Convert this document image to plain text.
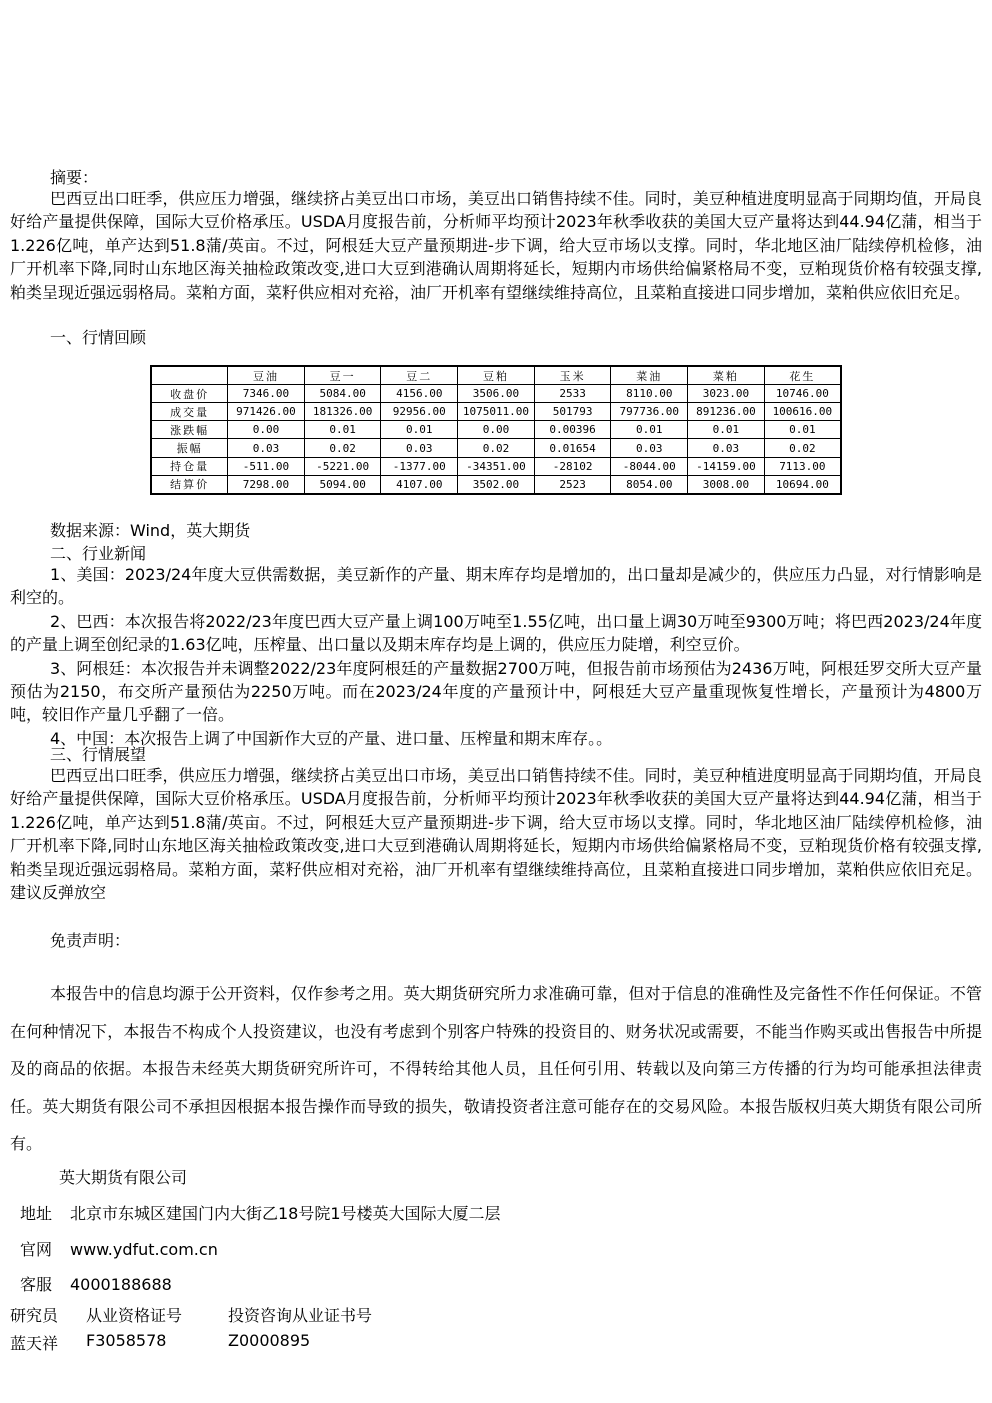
摘要：

巴西豆出口旺季，供应压力增强，继续挤占美豆出口市场，美豆出口销售持续不佳。同时，美豆种植进度明显高于同期均值，开局良好给产量提供保障，国际大豆价格承压。USDA月度报告前，分析师平均预计2023年秋季收获的美国大豆产量将达到44.94亿蒲，相当于1.226亿吨，单产达到51.8蒲/英亩。不过，阿根廷大豆产量预期进-步下调，给大豆市场以支撑。同时，华北地区油厂陆续停机检修，油厂开机率下降,同时山东地区海关抽检政策改变,进口大豆到港确认周期将延长，短期内市场供给偏紧格局不变，豆粕现货价格有较强支撑,粕类呈现近强远弱格局。菜粕方面，菜籽供应相对充裕，油厂开机率有望继续维持高位，且菜粕直接进口同步增加，菜粕供应依旧充足。

一、行情回顾
	豆油	豆一	豆二	豆粕	玉米	菜油	菜粕	花生
收盘价	7346.00	5084.00	4156.00	3506.00	2533	8110.00	3023.00	10746.00
成交量	971426.00	181326.00	92956.00	1075011.00	501793	797736.00	891236.00	100616.00
涨跌幅	0.00	0.01	0.01	0.00	0.00396	0.01	0.01	0.01
振幅	0.03	0.02	0.03	0.02	0.01654	0.03	0.03	0.02
持仓量	-511.00	-5221.00	-1377.00	-34351.00	-28102	-8044.00	-14159.00	7113.00
结算价	7298.00	5094.00	4107.00	3502.00	2523	8054.00	3008.00	10694.00
数据来源：Wind，英大期货
二、行业新闻

1、美国：2023/24年度大豆供需数据，美豆新作的产量、期末库存均是增加的，出口量却是减少的，供应压力凸显，对行情影响是利空的。

2、巴西：本次报告将2022/23年度巴西大豆产量上调100万吨至1.55亿吨，出口量上调30万吨至9300万吨；将巴西2023/24年度的产量上调至创纪录的1.63亿吨，压榨量、出口量以及期末库存均是上调的，供应压力陡增，利空豆价。

3、阿根廷：本次报告并未调整2022/23年度阿根廷的产量数据2700万吨，但报告前市场预估为2436万吨，阿根廷罗交所大豆产量预估为2150，布交所产量预估为2250万吨。而在2023/24年度的产量预计中，阿根廷大豆产量重现恢复性增长，产量预计为4800万吨，较旧作产量几乎翻了一倍。

4、中国：本次报告上调了中国新作大豆的产量、进口量、压榨量和期末库存。。

三、行情展望

巴西豆出口旺季，供应压力增强，继续挤占美豆出口市场，美豆出口销售持续不佳。同时，美豆种植进度明显高于同期均值，开局良好给产量提供保障，国际大豆价格承压。USDA月度报告前，分析师平均预计2023年秋季收获的美国大豆产量将达到44.94亿蒲，相当于1.226亿吨，单产达到51.8蒲/英亩。不过，阿根廷大豆产量预期进-步下调，给大豆市场以支撑。同时，华北地区油厂陆续停机检修，油厂开机率下降,同时山东地区海关抽检政策改变,进口大豆到港确认周期将延长，短期内市场供给偏紧格局不变，豆粕现货价格有较强支撑,粕类呈现近强远弱格局。菜粕方面，菜籽供应相对充裕，油厂开机率有望继续维持高位，且菜粕直接进口同步增加，菜粕供应依旧充足。建议反弹放空

免责声明：

本报告中的信息均源于公开资料，仅作参考之用。英大期货研究所力求准确可靠，但对于信息的准确性及完备性不作任何保证。不管在何种情况下，本报告不构成个人投资建议，也没有考虑到个别客户特殊的投资目的、财务状况或需要，不能当作购买或出售报告中所提及的商品的依据。本报告未经英大期货研究所许可，不得转给其他人员，且任何引用、转载以及向第三方传播的行为均可能承担法律责任。英大期货有限公司不承担因根据本报告操作而导致的损失，敬请投资者注意可能存在的交易风险。本报告版权归英大期货有限公司所有。

英大期货有限公司
地址 北京市东城区建国门内大街乙18号院1号楼英大国际大厦二层
官网 www.ydfut.com.cn
客服 4000188688
研究员 从业资格证号	投资咨询从业证书号
蓝天祥 F3058578	Z0000895
